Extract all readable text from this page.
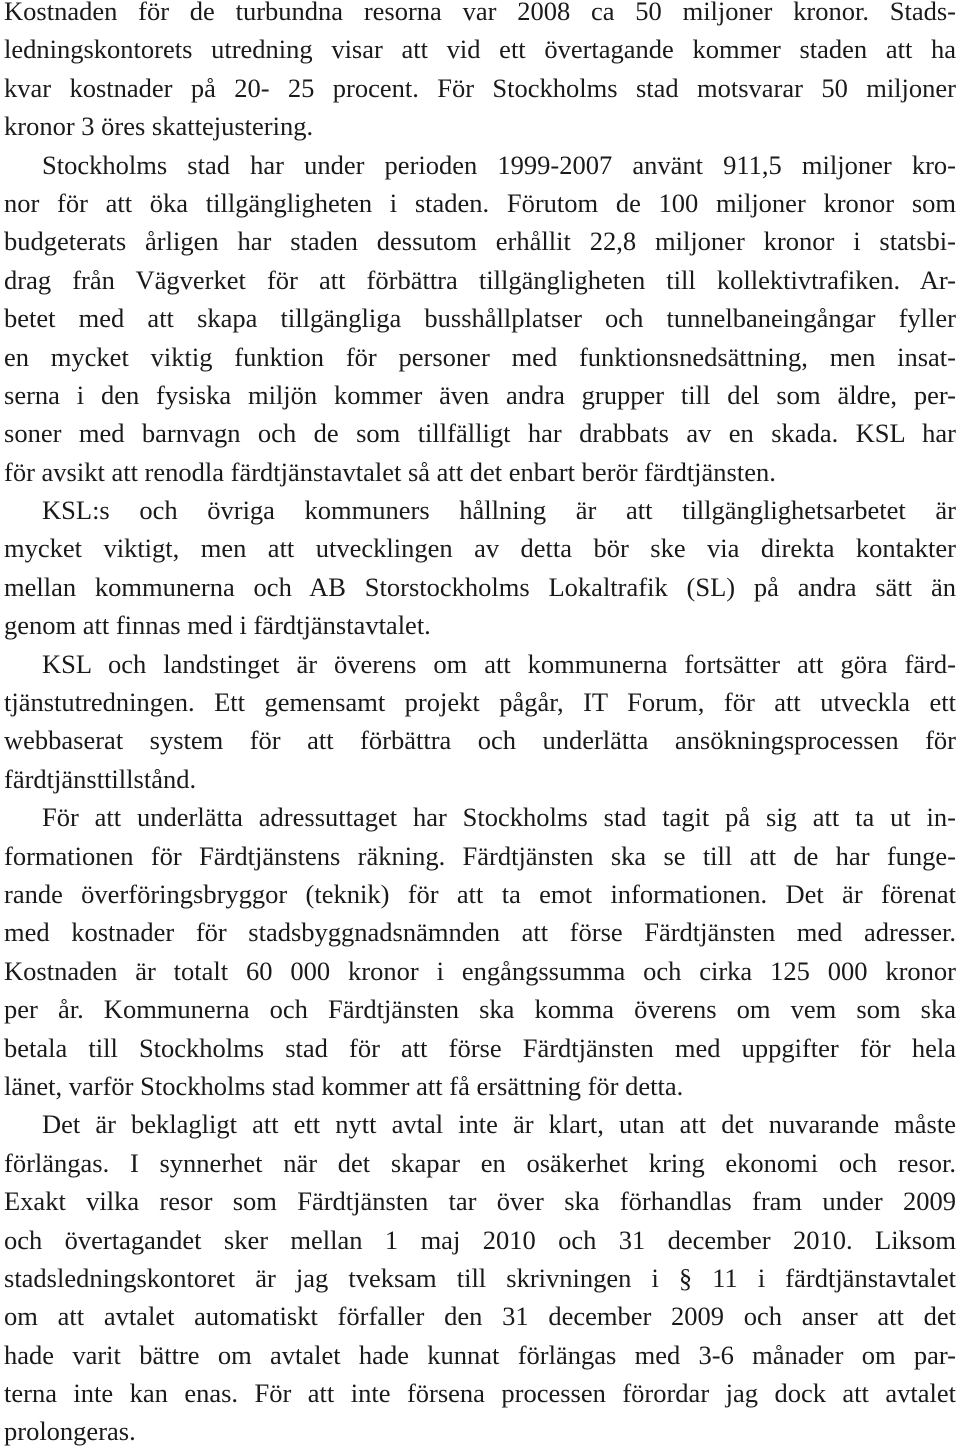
Kostnaden för de turbundna resorna var 2008 ca 50 miljoner kronor. Stads-
ledningskontorets utredning visar att vid ett övertagande kommer staden att ha
kvar kostnader på 20- 25 procent. För Stockholms stad motsvarar 50 miljoner
kronor 3 öres skattejustering.
Stockholms stad har under perioden 1999-2007 använt 911,5 miljoner kro-
nor för att öka tillgängligheten i staden. Förutom de 100 miljoner kronor som
budgeterats årligen har staden dessutom erhållit 22,8 miljoner kronor i statsbi-
drag från Vägverket för att förbättra tillgängligheten till kollektivtrafiken. Ar-
betet med att skapa tillgängliga busshållplatser och tunnelbaneingångar fyller
en mycket viktig funktion för personer med funktionsnedsättning, men insat-
serna i den fysiska miljön kommer även andra grupper till del som äldre, per-
soner med barnvagn och de som tillfälligt har drabbats av en skada. KSL har
för avsikt att renodla färdtjänstavtalet så att det enbart berör färdtjänsten.
KSL:s och övriga kommuners hållning är att tillgänglighetsarbetet är
mycket viktigt, men att utvecklingen av detta bör ske via direkta kontakter
mellan kommunerna och AB Storstockholms Lokaltrafik (SL) på andra sätt än
genom att finnas med i färdtjänstavtalet.
KSL och landstinget är överens om att kommunerna fortsätter att göra färd-
tjänstutredningen. Ett gemensamt projekt pågår, IT Forum, för att utveckla ett
webbaserat system för att förbättra och underlätta ansökningsprocessen för
färdtjänsttillstånd.
För att underlätta adressuttaget har Stockholms stad tagit på sig att ta ut in-
formationen för Färdtjänstens räkning. Färdtjänsten ska se till att de har funge-
rande överföringsbryggor (teknik) för att ta emot informationen. Det är förenat
med kostnader för stadsbyggnadsnämnden att förse Färdtjänsten med adresser.
Kostnaden är totalt 60 000 kronor i engångssumma och cirka 125 000 kronor
per år. Kommunerna och Färdtjänsten ska komma överens om vem som ska
betala till Stockholms stad för att förse Färdtjänsten med uppgifter för hela
länet, varför Stockholms stad kommer att få ersättning för detta.
Det är beklagligt att ett nytt avtal inte är klart, utan att det nuvarande måste
förlängas. I synnerhet när det skapar en osäkerhet kring ekonomi och resor.
Exakt vilka resor som Färdtjänsten tar över ska förhandlas fram under 2009
och övertagandet sker mellan 1 maj 2010 och 31 december 2010. Liksom
stadsledningskontoret är jag tveksam till skrivningen i § 11 i färdtjänstavtalet
om att avtalet automatiskt förfaller den 31 december 2009 och anser att det
hade varit bättre om avtalet hade kunnat förlängas med 3-6 månader om par-
terna inte kan enas. För att inte försena processen förordar jag dock att avtalet
prolongeras.
